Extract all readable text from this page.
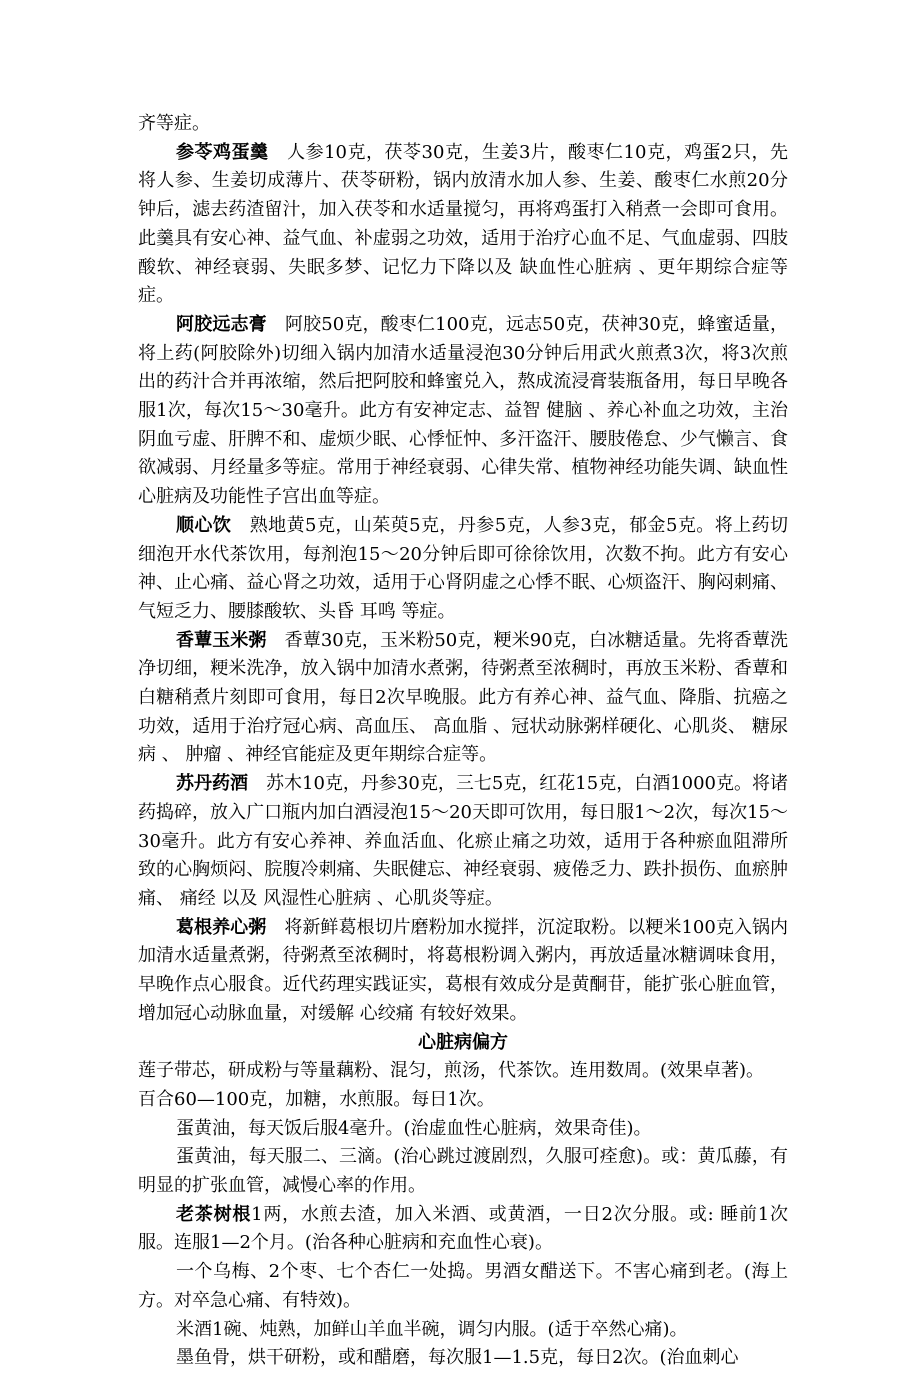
齐等症。

参苓鸡蛋羹　人参10克，茯苓30克，生姜3片，酸枣仁10克，鸡蛋2只，先将人参、生姜切成薄片、茯苓研粉，锅内放清水加人参、生姜、酸枣仁水煎20分钟后，滤去药渣留汁，加入茯苓和水适量搅匀，再将鸡蛋打入稍煮一会即可食用。此羹具有安心神、益气血、补虚弱之功效，适用于治疗心血不足、气血虚弱、四肢酸软、神经衰弱、失眠多梦、记忆力下降以及 缺血性心脏病 、更年期综合症等症。

阿胶远志膏　阿胶50克，酸枣仁100克，远志50克，茯神30克，蜂蜜适量，将上药(阿胶除外)切细入锅内加清水适量浸泡30分钟后用武火煎煮3次，将3次煎出的药汁合并再浓缩，然后把阿胶和蜂蜜兑入，熬成流浸膏装瓶备用，每日早晚各服1次，每次15～30毫升。此方有安神定志、益智 健脑 、养心补血之功效，主治阴血亏虚、肝脾不和、虚烦少眠、心悸怔忡、多汗盗汗、腰肢倦怠、少气懒言、食欲减弱、月经量多等症。常用于神经衰弱、心律失常、植物神经功能失调、缺血性心脏病及功能性子宫出血等症。

顺心饮　熟地黄5克，山茱萸5克，丹参5克，人参3克，郁金5克。将上药切细泡开水代茶饮用，每剂泡15～20分钟后即可徐徐饮用，次数不拘。此方有安心神、止心痛、益心肾之功效，适用于心肾阴虚之心悸不眠、心烦盗汗、胸闷刺痛、气短乏力、腰膝酸软、头昏 耳鸣 等症。

香蕈玉米粥　香蕈30克，玉米粉50克，粳米90克，白冰糖适量。先将香蕈洗净切细，粳米洗净，放入锅中加清水煮粥，待粥煮至浓稠时，再放玉米粉、香蕈和白糖稍煮片刻即可食用，每日2次早晚服。此方有养心神、益气血、降脂、抗癌之功效，适用于治疗冠心病、高血压、 高血脂 、冠状动脉粥样硬化、心肌炎、 糖尿 病 、 肿瘤 、神经官能症及更年期综合症等。

苏丹药酒　苏木10克，丹参30克，三七5克，红花15克，白酒1000克。将诸药捣碎，放入广口瓶内加白酒浸泡15～20天即可饮用，每日服1～2次，每次15～30毫升。此方有安心养神、养血活血、化瘀止痛之功效，适用于各种瘀血阻滞所致的心胸烦闷、脘腹冷刺痛、失眠健忘、神经衰弱、疲倦乏力、跌扑损伤、血瘀肿痛、 痛经 以及 风湿性心脏病 、心肌炎等症。

葛根养心粥　将新鲜葛根切片磨粉加水搅拌，沉淀取粉。以粳米100克入锅内加清水适量煮粥，待粥煮至浓稠时，将葛根粉调入粥内，再放适量冰糖调味食用，早晚作点心服食。近代药理实践证实，葛根有效成分是黄酮苷，能扩张心脏血管，增加冠心动脉血量，对缓解 心绞痛 有较好效果。

心脏病偏方

莲子带芯，研成粉与等量藕粉、混匀，煎汤，代茶饮。连用数周。(效果卓著)。

百合60—100克，加糖，水煎服。每日1次。

蛋黄油，每天饭后服4毫升。(治虚血性心脏病，效果奇佳)。

蛋黄油，每天服二、三滴。(治心跳过渡剧烈，久服可痊愈)。或：黄瓜藤，有明显的扩张血管，减慢心率的作用。

老茶树根1两，水煎去渣，加入米酒、或黄酒，一日2次分服。或: 睡前1次服。连服1—2个月。(治各种心脏病和充血性心衰)。

一个乌梅、2个枣、七个杏仁一处捣。男酒女醋送下。不害心痛到老。(海上方。对卒急心痛、有特效)。

米酒1碗、炖熟，加鲜山羊血半碗，调匀内服。(适于卒然心痛)。

墨鱼骨，烘干研粉，或和醋磨，每次服1—1.5克，每日2次。(治血刺心
